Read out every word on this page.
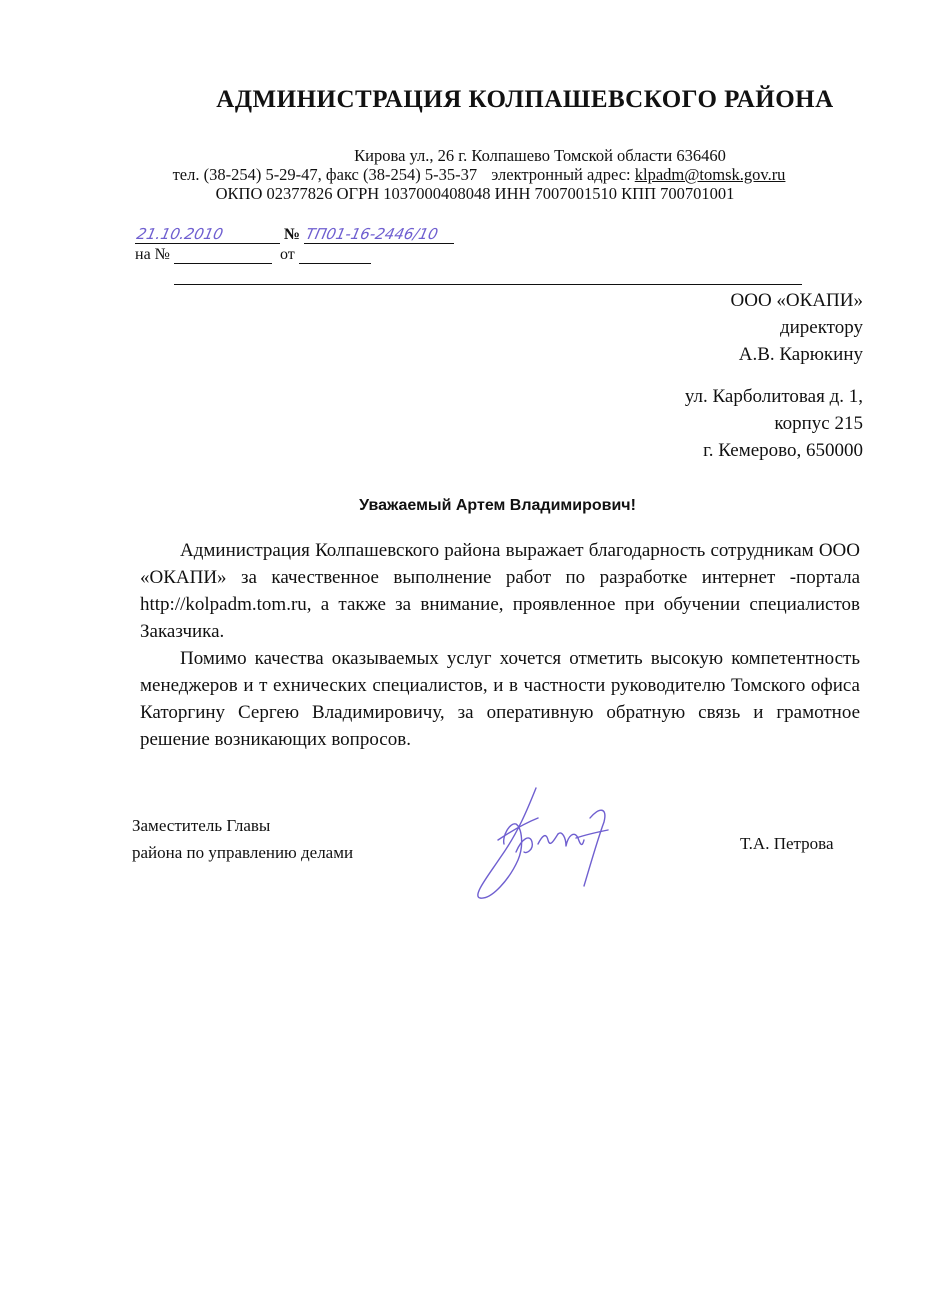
АДМИНИСТРАЦИЯ КОЛПАШЕВСКОГО РАЙОНА
Кирова ул., 26 г. Колпашево Томской области 636460
тел. (38-254) 5-29-47, факс (38-254) 5-35-37 электронный адрес: klpadm@tomsk.gov.ru
ОКПО 02377826 ОГРН 1037000408048 ИНН 7007001510 КПП 700701001
21.10.2010	№ ТП01-16-2446/10
на №	от
ООО «ОКАПИ»
директору
А.В. Карюкину
ул. Карболитовая д. 1,
корпус 215
г. Кемерово, 650000
Уважаемый Артем Владимирович!

Администрация Колпашевского района выражает благодарность сотрудникам ООО «ОКАПИ» за качественное выполнение работ по разработке интернет -портала http://kolpadm.tom.ru, а также за внимание, проявленное при обучении специалистов Заказчика.

Помимо качества оказываемых услуг хочется отметить высокую компетентность менеджеров и т ехнических специалистов, и в частности руководителю Томского офиса Каторгину Сергею Владимировичу, за оперативную обратную связь и грамотное решение возникающих вопросов.

Заместитель Главы
района по управлению делами	Т.А. Петрова
